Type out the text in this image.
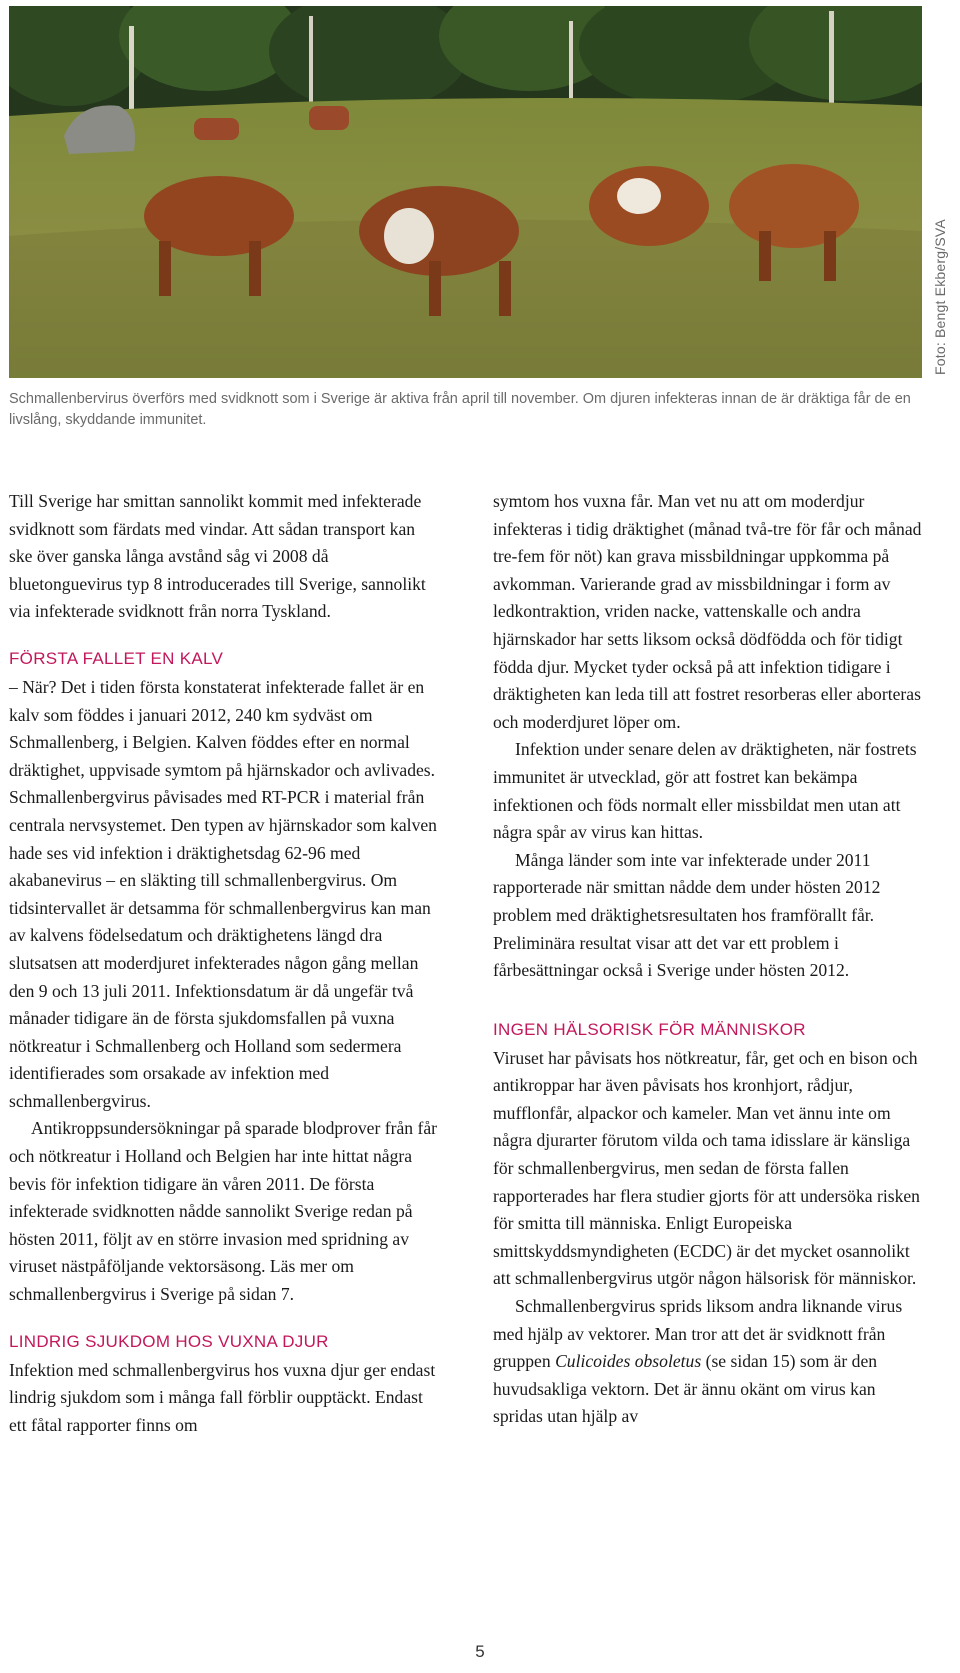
Foto: Bengt Ekberg/SVA
Schmallenbervirus överförs med svidknott som i Sverige är aktiva från april till november. Om djuren infekteras innan de är dräktiga får de en livslång, skyddande immunitet.

Till Sverige har smittan sannolikt kommit med infekterade svidknott som färdats med vindar. Att sådan transport kan ske över ganska långa avstånd såg vi 2008 då bluetonguevirus typ 8 introducerades till Sverige, sannolikt via infekterade svidknott från norra Tyskland.

FÖRSTA FALLET EN KALV

– När? Det i tiden första konstaterat infekterade fallet är en kalv som föddes i januari 2012, 240 km sydväst om Schmallenberg, i Belgien. Kalven föddes efter en normal dräktighet, uppvisade symtom på hjärnskador och avlivades. Schmallenbergvirus påvisades med RT-PCR i material från centrala nervsystemet. Den typen av hjärnskador som kalven hade ses vid infektion i dräktighetsdag 62-96 med akabanevirus – en släkting till schmallenbergvirus. Om tidsintervallet är detsamma för schmallenbergvirus kan man av kalvens födelsedatum och dräktighetens längd dra slutsatsen att moderdjuret infekterades någon gång mellan den 9 och 13 juli 2011. Infektionsdatum är då ungefär två månader tidigare än de första sjukdomsfallen på vuxna nötkreatur i Schmallenberg och Holland som sedermera identifierades som orsakade av infektion med schmallenbergvirus.

Antikroppsundersökningar på sparade blodprover från får och nötkreatur i Holland och Belgien har inte hittat några bevis för infektion tidigare än våren 2011. De första infekterade svidknotten nådde sannolikt Sverige redan på hösten 2011, följt av en större invasion med spridning av viruset nästpåföljande vektorsäsong. Läs mer om schmallenbergvirus i Sverige på sidan 7.

LINDRIG SJUKDOM HOS VUXNA DJUR

Infektion med schmallenbergvirus hos vuxna djur ger endast lindrig sjukdom som i många fall förblir oupptäckt. Endast ett fåtal rapporter finns om

symtom hos vuxna får. Man vet nu att om moderdjur infekteras i tidig dräktighet (månad två-tre för får och månad tre-fem för nöt) kan grava missbildningar uppkomma på avkomman. Varierande grad av missbildningar i form av ledkontraktion, vriden nacke, vattenskalle och andra hjärnskador har setts liksom också dödfödda och för tidigt födda djur. Mycket tyder också på att infektion tidigare i dräktigheten kan leda till att fostret resorberas eller aborteras och moderdjuret löper om.

Infektion under senare delen av dräktigheten, när fostrets immunitet är utvecklad, gör att fostret kan bekämpa infektionen och föds normalt eller missbildat men utan att några spår av virus kan hittas.

Många länder som inte var infekterade under 2011 rapporterade när smittan nådde dem under hösten 2012 problem med dräktighetsresultaten hos framförallt får. Preliminära resultat visar att det var ett problem i fårbesättningar också i Sverige under hösten 2012.

INGEN HÄLSORISK FÖR MÄNNISKOR

Viruset har påvisats hos nötkreatur, får, get och en bison och antikroppar har även påvisats hos kronhjort, rådjur, mufflonfår, alpackor och kameler. Man vet ännu inte om några djurarter förutom vilda och tama idisslare är känsliga för schmallenbergvirus, men sedan de första fallen rapporterades har flera studier gjorts för att undersöka risken för smitta till människa. Enligt Europeiska smittskyddsmyndigheten (ECDC) är det mycket osannolikt att schmallenbergvirus utgör någon hälsorisk för människor.

Schmallenbergvirus sprids liksom andra liknande virus med hjälp av vektorer. Man tror att det är svidknott från gruppen Culicoides obsoletus (se sidan 15) som är den huvudsakliga vektorn. Det är ännu okänt om virus kan spridas utan hjälp av

5
